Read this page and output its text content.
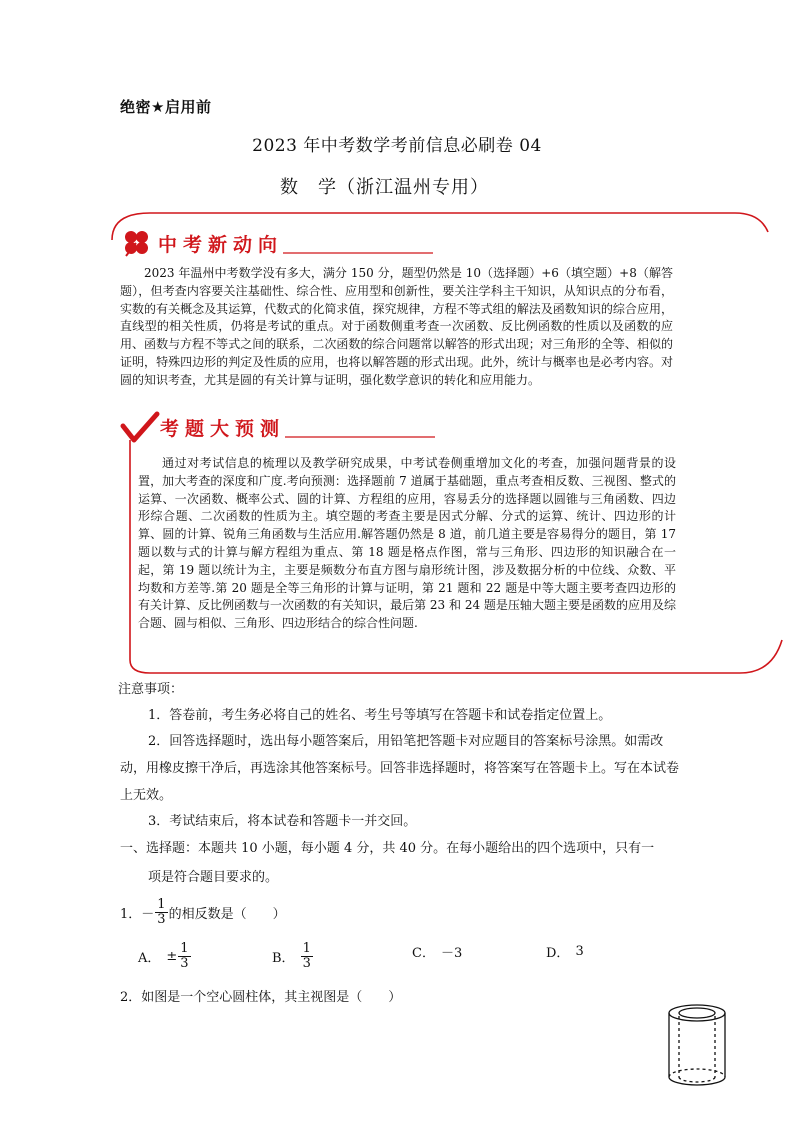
绝密★启用前
2023 年中考数学考前信息必刷卷 04
数　学（浙江温州专用）
中考新动向
2023 年温州中考数学没有多大，满分 150 分，题型仍然是 10（选择题）+6（填空题）+8（解答题），但考查内容要关注基础性、综合性、应用型和创新性，要关注学科主干知识，从知识点的分布看，实数的有关概念及其运算，代数式的化简求值，探究规律，方程不等式组的解法及函数知识的综合应用，直线型的相关性质，仍将是考试的重点。对于函数侧重考查一次函数、反比例函数的性质以及函数的应用、函数与方程不等式之间的联系，二次函数的综合问题常以解答的形式出现；对三角形的全等、相似的证明，特殊四边形的判定及性质的应用，也将以解答题的形式出现。此外，统计与概率也是必考内容。对圆的知识考查，尤其是圆的有关计算与证明，强化数学意识的转化和应用能力。
考题大预测
通过对考试信息的梳理以及教学研究成果，中考试卷侧重增加文化的考查，加强问题背景的设置，加大考查的深度和广度.考向预测：选择题前 7 道属于基础题，重点考查相反数、三视图、整式的运算、一次函数、概率公式、圆的计算、方程组的应用，容易丢分的选择题以圆锥与三角函数、四边形综合题、二次函数的性质为主。填空题的考查主要是因式分解、分式的运算、统计、四边形的计算、圆的计算、锐角三角函数与生活应用.解答题仍然是 8 道，前几道主要是容易得分的题目，第 17 题以数与式的计算与解方程组为重点、第 18 题是格点作图，常与三角形、四边形的知识融合在一起，第 19 题以统计为主，主要是频数分布直方图与扇形统计图，涉及数据分析的中位线、众数、平均数和方差等.第 20 题是全等三角形的计算与证明，第 21 题和 22 题是中等大题主要考查四边形的有关计算、反比例函数与一次函数的有关知识，最后第 23 和 24 题是压轴大题主要是函数的应用及综合题、圆与相似、三角形、四边形结合的综合性问题.
注意事项：
1．答卷前，考生务必将自己的姓名、考生号等填写在答题卡和试卷指定位置上。
2．回答选择题时，选出每小题答案后，用铅笔把答题卡对应题目的答案标号涂黑。如需改动，用橡皮擦干净后，再选涂其他答案标号。回答非选择题时，将答案写在答题卡上。写在本试卷上无效。
3．考试结束后，将本试卷和答题卡一并交回。
一、选择题：本题共 10 小题，每小题 4 分，共 40 分。在每小题给出的四个选项中，只有一
项是符合题目要求的。
1． － $\frac{1}{3}$ 的相反数是（　　）
A． ± $\frac{1}{3}$	B． $\frac{1}{3}$	C． －3	D． 3
2．如图是一个空心圆柱体，其主视图是（　　）
